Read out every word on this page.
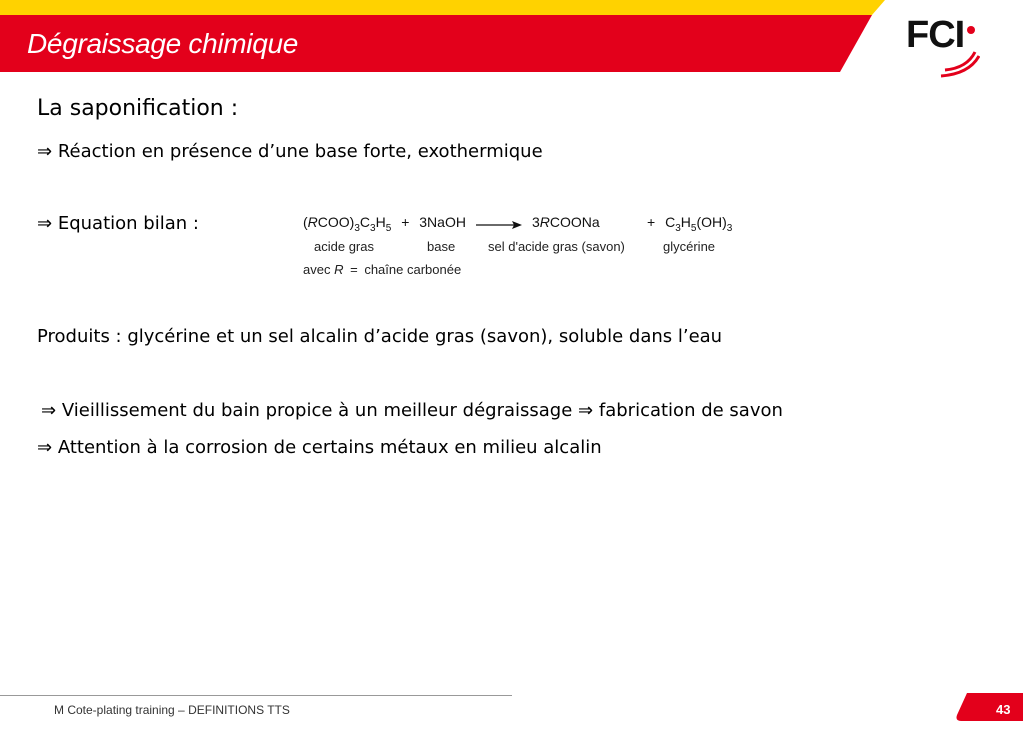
Dégraissage chimique	FCI
La saponification :
⇒ Réaction en présence d’une base forte, exothermique
⇒ Equation bilan :	$(RCOO)_3C_3H_5$ + 3NaOH → 3RCOONa	+ $C_3H_5(OH)_3$
acide gras	base	sel d'acide gras (savon)	glycérine
avec R = chaîne carbonée
Produits : glycérine et un sel alcalin d’acide gras (savon), soluble dans l’eau
⇒ Vieillissement du bain propice à un meilleur dégraissage ⇒ fabrication de savon
⇒ Attention à la corrosion de certains métaux en milieu alcalin
M Cote-plating training – DEFINITIONS TTS	43
